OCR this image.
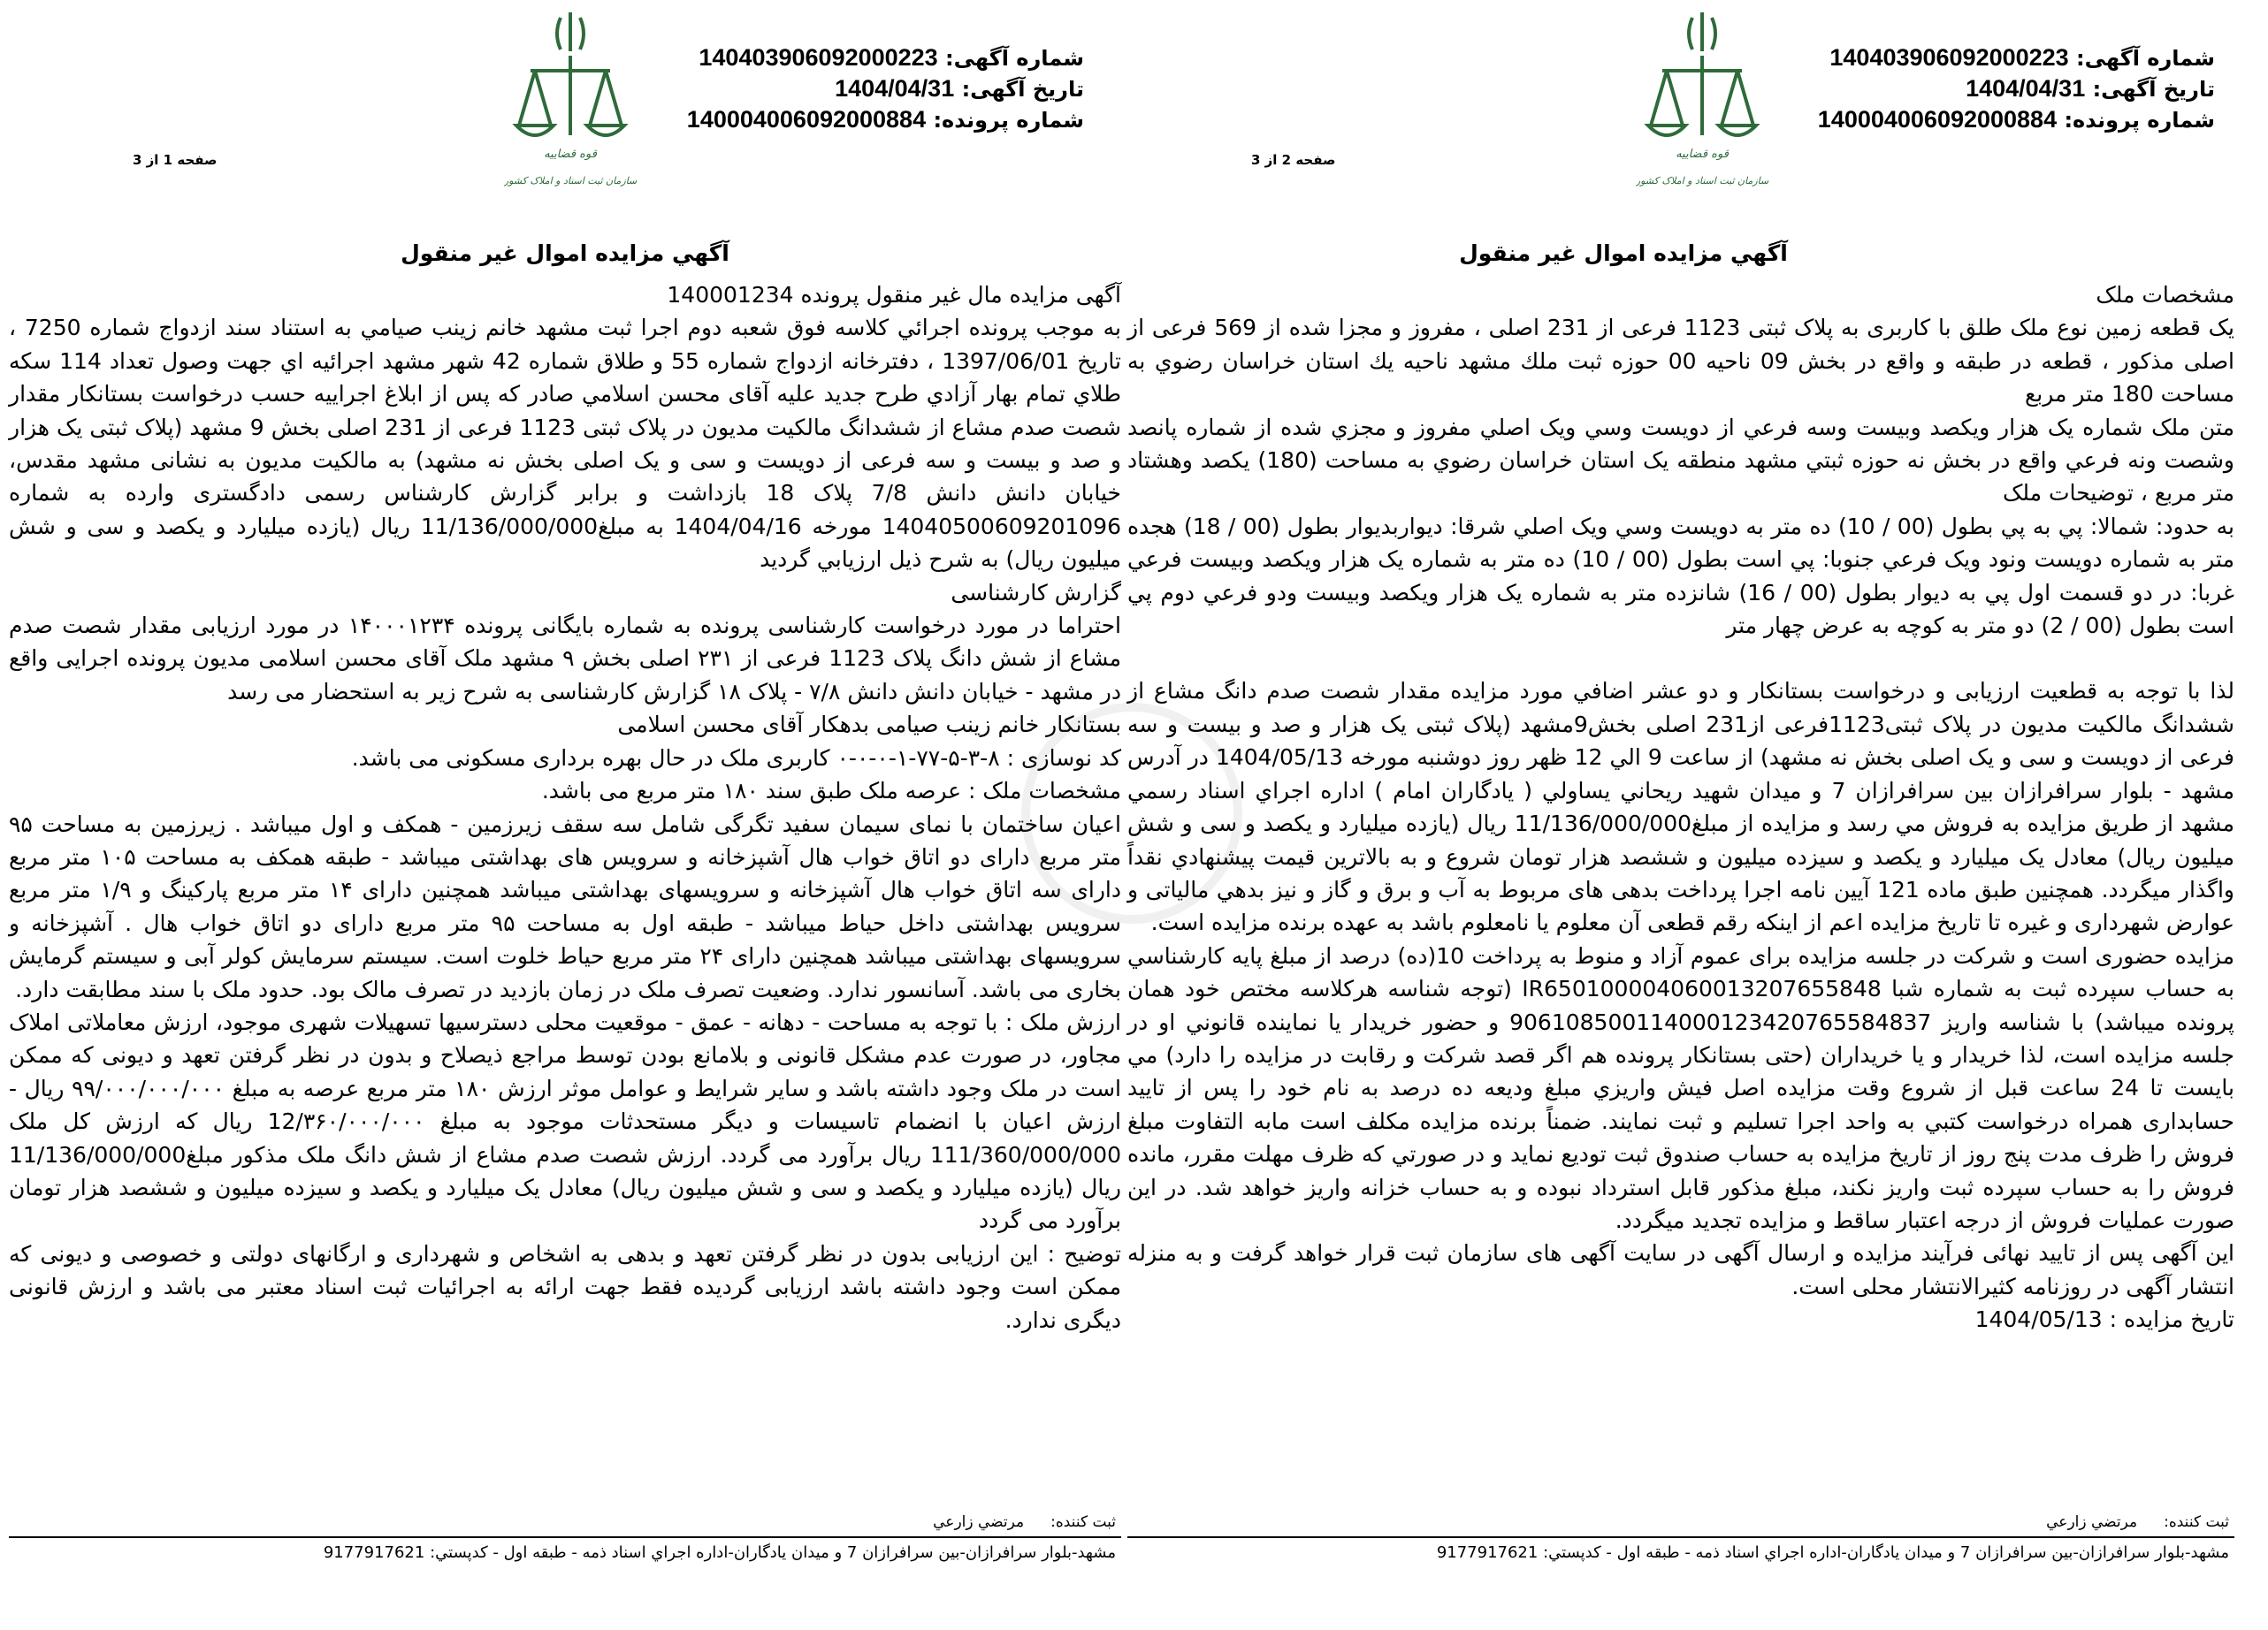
شماره آگهی: 140403906092000223
تاریخ آگهی: 1404/04/31
شماره پرونده: 140004006092000884
قوه قضاییه
سازمان ثبت اسناد و املاک کشور
صفحه 1 از 3
آگهي مزايده اموال غير منقول

آگهی مزایده مال غیر منقول پرونده 140001234

به موجب پرونده اجرائي کلاسه فوق شعبه دوم اجرا ثبت مشهد خانم زینب صیامي به استناد سند ازدواج شماره 7250 ، تاریخ 1397/06/01 ، دفترخانه ازدواج شماره 55 و طلاق شماره 42 شهر مشهد اجرائیه اي جهت وصول تعداد 114 سکه طلاي تمام بهار آزادي طرح جدید علیه آقای محسن اسلامي صادر که پس از ابلاغ اجراییه حسب درخواست بستانکار مقدار شصت صدم مشاع از ششدانگ مالکیت مدیون در پلاک ثبتی 1123 فرعی از 231 اصلی بخش 9 مشهد (پلاک ثبتی یک هزار و صد و بیست و سه فرعی از دویست و سی و یک اصلی بخش نه مشهد) به مالکیت مدیون به نشانی مشهد مقدس، خیابان دانش دانش 7/8 پلاک 18 بازداشت و برابر گزارش کارشناس رسمی دادگستری وارده به شماره 14040500609201096 مورخه 1404/04/16 به مبلغ11/136/000/000 ریال (یازده میلیارد و یکصد و سی و شش میلیون ریال) به شرح ذیل ارزیابي گردید

گزارش کارشناسی

احتراما در مورد درخواست کارشناسی پرونده به شماره بایگانی پرونده ۱۴۰۰۰۱۲۳۴ در مورد ارزیابی مقدار شصت صدم مشاع از شش دانگ پلاک 1123 فرعی از ۲۳۱ اصلی بخش ۹ مشهد ملک آقای محسن اسلامی مدیون پرونده اجرایی واقع در مشهد - خیابان دانش دانش ۷/۸ - پلاک ۱۸ گزارش کارشناسی به شرح زیر به استحضار می رسد

بستانکار خانم زینب صیامی بدهکار آقای محسن اسلامی

کد نوسازی : ۸-۳-۵-۷۷-۱-۰-۰-۰ کاربری ملک در حال بهره برداری مسکونی می باشد.

مشخصات ملک : عرصه ملک طبق سند ۱۸۰ متر مربع می باشد.

اعیان ساختمان با نمای سیمان سفید تگرگی شامل سه سقف زیرزمین - همکف و اول میباشد . زیرزمین به مساحت ۹۵ متر مربع دارای دو اتاق خواب هال آشپزخانه و سرویس های بهداشتی میباشد - طبقه همکف به مساحت ۱۰۵ متر مربع دارای سه اتاق خواب هال آشپزخانه و سرویسهای بهداشتی میباشد همچنین دارای ۱۴ متر مربع پارکینگ و ۱/۹ متر مربع سرویس بهداشتی داخل حیاط میباشد - طبقه اول به مساحت ۹۵ متر مربع دارای دو اتاق خواب هال . آشپزخانه و سرویسهای بهداشتی میباشد همچنین دارای ۲۴ متر مربع حیاط خلوت است. سیستم سرمایش کولر آبی و سیستم گرمایش بخاری می باشد. آسانسور ندارد. وضعیت تصرف ملک در زمان بازدید در تصرف مالک بود. حدود ملک با سند مطابقت دارد.

ارزش ملک : با توجه به مساحت - دهانه - عمق - موقعیت محلی دسترسیها تسهیلات شهری موجود، ارزش معاملاتی املاک مجاور، در صورت عدم مشکل قانونی و بلامانع بودن توسط مراجع ذیصلاح و بدون در نظر گرفتن تعهد و دیونی که ممکن است در ملک وجود داشته باشد و سایر شرایط و عوامل موثر ارزش ۱۸۰ متر مربع عرصه به مبلغ ۹۹/۰۰۰/۰۰۰/۰۰۰ ریال - ارزش اعیان با انضمام تاسیسات و دیگر مستحدثات موجود به مبلغ 12/۳۶۰/۰۰۰/۰۰۰ ریال که ارزش کل ملک 111/360/000/000 ریال برآورد می گردد. ارزش شصت صدم مشاع از شش دانگ ملک مذکور مبلغ11/136/000/000 ریال (یازده میلیارد و یکصد و سی و شش میلیون ریال) معادل یک میلیارد و یکصد و سیزده میلیون و ششصد هزار تومان برآورد می گردد

توضیح : این ارزیابی بدون در نظر گرفتن تعهد و بدهی به اشخاص و شهرداری و ارگانهای دولتی و خصوصی و دیونی که ممکن است وجود داشته باشد ارزیابی گردیده فقط جهت ارائه به اجرائیات ثبت اسناد معتبر می باشد و ارزش قانونی دیگری ندارد.

ثبت کننده:مرتضي زارعي
مشهد-بلوار سرافرازان-بين سرافرازان 7 و میدان یادگاران-اداره اجراي اسناد ذمه - طبقه اول - کدپستي: 9177917621
شماره آگهی: 140403906092000223
تاریخ آگهی: 1404/04/31
شماره پرونده: 140004006092000884
قوه قضاییه
سازمان ثبت اسناد و املاک کشور
صفحه 2 از 3
آگهي مزايده اموال غير منقول

مشخصات ملک

یک قطعه زمین نوع ملک طلق با کاربری به پلاک ثبتی 1123 فرعی از 231 اصلی ، مفروز و مجزا شده از 569 فرعی از اصلی مذکور ، قطعه در طبقه و واقع در بخش 09 ناحیه 00 حوزه ثبت ملك مشهد ناحيه يك استان خراسان رضوي به مساحت 180 متر مربع

متن ملک شماره یک هزار ویکصد وبیست وسه فرعي از دويست وسي ويک اصلي مفروز و مجزي شده از شماره پانصد وشصت ونه فرعي واقع در بخش نه حوزه ثبتي مشهد منطقه يک استان خراسان رضوي به مساحت (180) يکصد وهشتاد متر مربع ، توضيحات ملک

به حدود: شمالا: پي به پي بطول (00 / 10) ده متر به دويست وسي ويک اصلي شرقا: ديواربديوار بطول (00 / 18) هجده متر به شماره دويست ونود ويک فرعي جنوبا: پي است بطول (00 / 10) ده متر به شماره يک هزار ويکصد وبيست فرعي غربا: در دو قسمت اول پي به ديوار بطول (00 / 16) شانزده متر به شماره يک هزار ويکصد وبيست ودو فرعي دوم پي است بطول (00 / 2) دو متر به کوچه به عرض چهار متر

لذا با توجه به قطعیت ارزیابی و درخواست بستانکار و دو عشر اضافي مورد مزايده مقدار شصت صدم دانگ مشاع از ششدانگ مالکیت مدیون در پلاک ثبتی1123فرعی از231 اصلی بخش9مشهد (پلاک ثبتی یک هزار و صد و بیست و سه فرعی از دویست و سی و یک اصلی بخش نه مشهد) از ساعت 9 الي 12 ظهر روز دوشنبه مورخه 1404/05/13 در آدرس مشهد - بلوار سرافرازان بین سرافرازان 7 و میدان شهید ريحاني یساولي ( یادگاران امام ) اداره اجراي اسناد رسمي مشهد از طریق مزايده به فروش مي رسد و مزايده از مبلغ11/136/000/000 ریال (یازده میلیارد و یکصد و سی و شش میلیون ریال) معادل یک میلیارد و یکصد و سیزده میلیون و ششصد هزار تومان شروع و به بالاترين قيمت پيشنهادي نقداً واگذار ميگردد. همچنین طبق ماده 121 آیین نامه اجرا پرداخت بدهی های مربوط به آب و برق و گاز و نيز بدهي مالياتی و عوارض شهرداری و غیره تا تاریخ مزایده اعم از اینکه رقم قطعی آن معلوم یا نامعلوم باشد به عهده برنده مزایده است.

مزایده حضوری است و شرکت در جلسه مزایده برای عموم آزاد و منوط به پرداخت 10(ده) درصد از مبلغ پایه کارشناسي به حساب سپرده ثبت به شماره شبا IR650100004060013207655848 (توجه شناسه هرکلاسه مختص خود همان پرونده میباشد) با شناسه واریز 906108500114000123420765584837 و حضور خریدار یا نماینده قانوني او در جلسه مزایده است، لذا خریدار و یا خریداران (حتی بستانکار پرونده هم اگر قصد شرکت و رقابت در مزایده را دارد) مي بایست تا 24 ساعت قبل از شروع وقت مزایده اصل فیش واریزي مبلغ ودیعه ده درصد به نام خود را پس از تایید حسابداری همراه درخواست کتبي به واحد اجرا تسلیم و ثبت نمایند. ضمناً برنده مزایده مکلف است مابه التفاوت مبلغ فروش را ظرف مدت پنج روز از تاریخ مزایده به حساب صندوق ثبت تودیع نماید و در صورتي که ظرف مهلت مقرر، مانده فروش را به حساب سپرده ثبت واریز نکند، مبلغ مذکور قابل استرداد نبوده و به حساب خزانه واریز خواهد شد. در این صورت عملیات فروش از درجه اعتبار ساقط و مزایده تجدید میگردد.

این آگهی پس از تایید نهائی فرآیند مزایده و ارسال آگهی در سایت آگهی های سازمان ثبت قرار خواهد گرفت و به منزله انتشار آگهی در روزنامه کثیرالانتشار محلی است.

تاریخ مزایده : 1404/05/13

ثبت کننده:مرتضي زارعي
مشهد-بلوار سرافرازان-بين سرافرازان 7 و میدان یادگاران-اداره اجراي اسناد ذمه - طبقه اول - کدپستي: 9177917621
